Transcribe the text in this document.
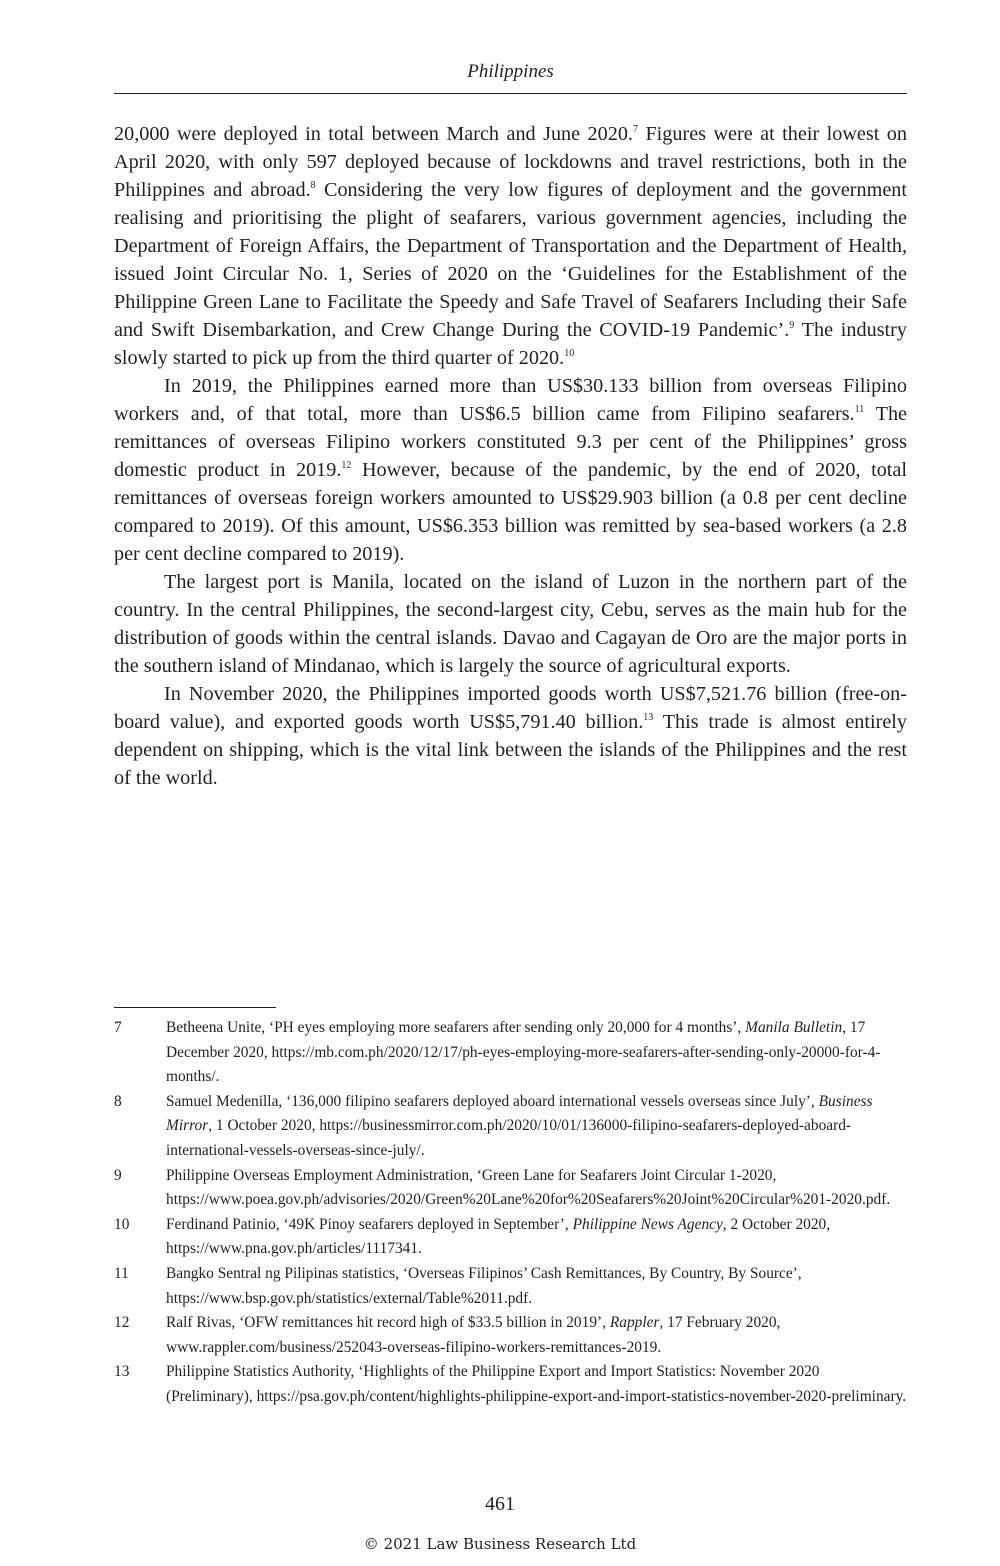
Philippines

20,000 were deployed in total between March and June 2020.$^7$ Figures were at their lowest on April 2020, with only 597 deployed because of lockdowns and travel restrictions, both in the Philippines and abroad.$^8$ Considering the very low figures of deployment and the government realising and prioritising the plight of seafarers, various government agencies, including the Department of Foreign Affairs, the Department of Transportation and the Department of Health, issued Joint Circular No. 1, Series of 2020 on the ‘Guidelines for the Establishment of the Philippine Green Lane to Facilitate the Speedy and Safe Travel of Seafarers Including their Safe and Swift Disembarkation, and Crew Change During the COVID-19 Pandemic’.$^9$ The industry slowly started to pick up from the third quarter of 2020.10

In 2019, the Philippines earned more than US$30.133 billion from overseas Filipino workers and, of that total, more than US$6.5 billion came from Filipino seafarers.$^{11}$ The remittances of overseas Filipino workers constituted 9.3 per cent of the Philippines’ gross domestic product in 2019.12 However, because of the pandemic, by the end of 2020, total remittances of overseas foreign workers amounted to US$29.903 billion (a 0.8 per cent decline compared to 2019). Of this amount, US$6.353 billion was remitted by sea-based workers (a 2.8 per cent decline compared to 2019).

The largest port is Manila, located on the island of Luzon in the northern part of the country. In the central Philippines, the second-largest city, Cebu, serves as the main hub for the distribution of goods within the central islands. Davao and Cagayan de Oro are the major ports in the southern island of Mindanao, which is largely the source of agricultural exports.

In November 2020, the Philippines imported goods worth US$7,521.76 billion (free-on-board value), and exported goods worth US$5,791.40 billion.$^{13}$ This trade is almost entirely dependent on shipping, which is the vital link between the islands of the Philippines and the rest of the world.

7	Betheena Unite, ‘PH eyes employing more seafarers after sending only 20,000 for 4 months’, Manila Bulletin, 17 December 2020, https://mb.com.ph/2020/12/17/ph-eyes-employing-more-seafarers-after-sending-only-20000-for-4-months/.
8	Samuel Medenilla, ‘136,000 filipino seafarers deployed aboard international vessels overseas since July’, Business Mirror, 1 October 2020, https://businessmirror.com.ph/2020/10/01/136000-filipino-seafarers-deployed-aboard-international-vessels-overseas-since-july/.
9	Philippine Overseas Employment Administration, ‘Green Lane for Seafarers Joint Circular 1-2020, https://www.poea.gov.ph/advisories/2020/Green%20Lane%20for%20Seafarers%20Joint%20Circular%201-2020.pdf.
10 Ferdinand Patinio, ‘49K Pinoy seafarers deployed in September’, Philippine News Agency, 2 October 2020, https://www.pna.gov.ph/articles/1117341.
11 Bangko Sentral ng Pilipinas statistics, ‘Overseas Filipinos’ Cash Remittances, By Country, By Source’, https://www.bsp.gov.ph/statistics/external/Table%2011.pdf.
12 Ralf Rivas, ‘OFW remittances hit record high of $33.5 billion in 2019’, Rappler, 17 February 2020, www.rappler.com/business/252043-overseas-filipino-workers-remittances-2019.
13 Philippine Statistics Authority, ‘Highlights of the Philippine Export and Import Statistics: November 2020 (Preliminary), https://psa.gov.ph/content/highlights-philippine-export-and-import-statistics-november-2020-preliminary.
461
© 2021 Law Business Research Ltd
